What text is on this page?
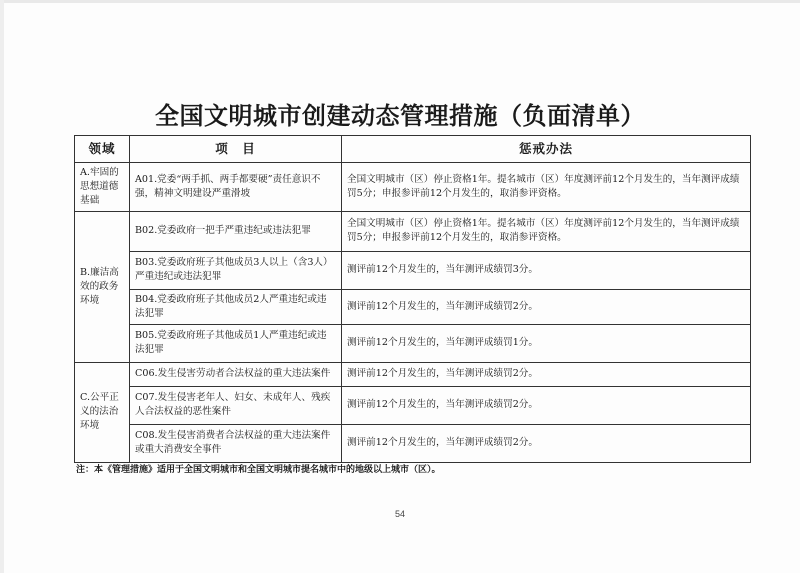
全国文明城市创建动态管理措施（负面清单）
领域	项　目	惩戒办法
A.牢固的思想道德基础	A01.党委“两手抓、两手都要硬”责任意识不强，精神文明建设严重滑坡	全国文明城市（区）停止资格1年。提名城市（区）年度测评前12个月发生的，当年测评成绩罚5分；申报参评前12个月发生的，取消参评资格。
B.廉洁高效的政务环境	B02.党委政府一把手严重违纪或违法犯罪	全国文明城市（区）停止资格1年。提名城市（区）年度测评前12个月发生的，当年测评成绩罚5分；申报参评前12个月发生的，取消参评资格。
	B03.党委政府班子其他成员3人以上（含3人）严重违纪或违法犯罪	测评前12个月发生的，当年测评成绩罚3分。
	B04.党委政府班子其他成员2人严重违纪或违法犯罪	测评前12个月发生的，当年测评成绩罚2分。
	B05.党委政府班子其他成员1人严重违纪或违法犯罪	测评前12个月发生的，当年测评成绩罚1分。
C.公平正义的法治环境	C06.发生侵害劳动者合法权益的重大违法案件	测评前12个月发生的，当年测评成绩罚2分。
	C07.发生侵害老年人、妇女、未成年人、残疾人合法权益的恶性案件	测评前12个月发生的，当年测评成绩罚2分。
	C08.发生侵害消费者合法权益的重大违法案件或重大消费安全事件	测评前12个月发生的，当年测评成绩罚2分。
注：本《管理措施》适用于全国文明城市和全国文明城市提名城市中的地级以上城市（区）。
54
